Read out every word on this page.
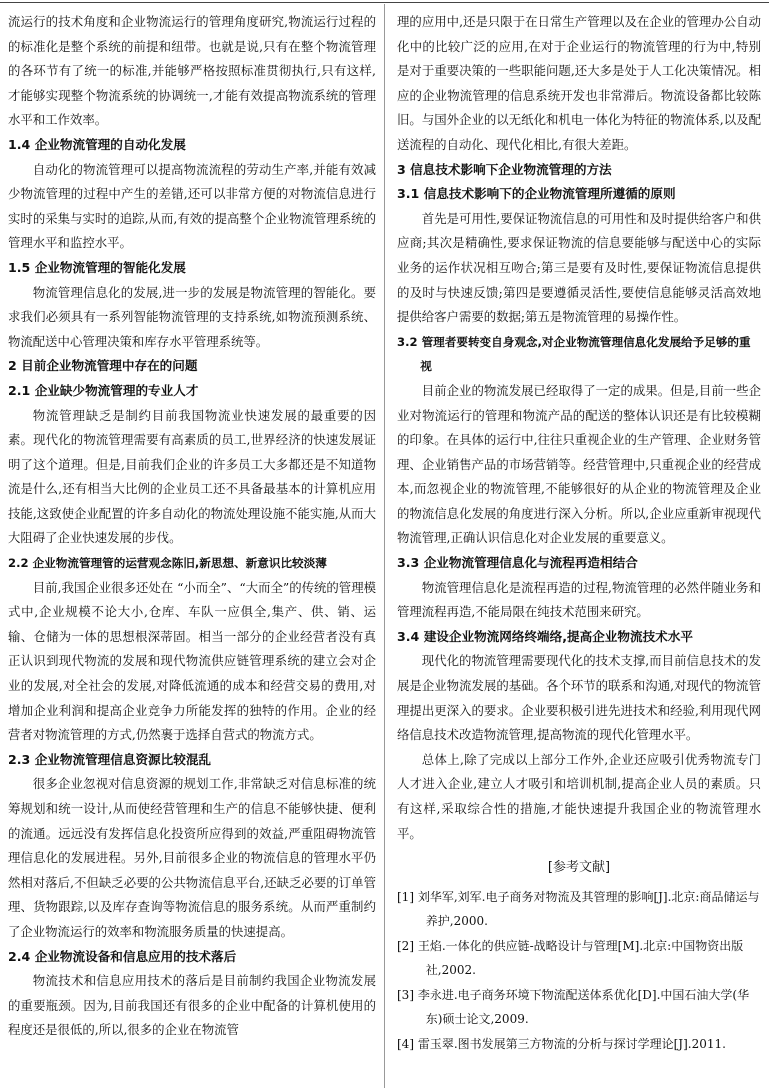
流运行的技术角度和企业物流运行的管理角度研究,物流运行过程的的标准化是整个系统的前提和纽带。也就是说,只有在整个物流管理的各环节有了统一的标准,并能够严格按照标准贯彻执行,只有这样,才能够实现整个物流系统的协调统一,才能有效提高物流系统的管理水平和工作效率。

1.4 企业物流管理的自动化发展

自动化的物流管理可以提高物流流程的劳动生产率,并能有效减少物流管理的过程中产生的差错,还可以非常方便的对物流信息进行实时的采集与实时的追踪,从而,有效的提高整个企业物流管理系统的管理水平和监控水平。

1.5 企业物流管理的智能化发展

物流管理信息化的发展,进一步的发展是物流管理的智能化。要求我们必须具有一系列智能物流管理的支持系统,如物流预测系统、物流配送中心管理决策和库存水平管理系统等。

2 目前企业物流管理中存在的问题
2.1 企业缺少物流管理的专业人才

物流管理缺乏是制约目前我国物流业快速发展的最重要的因素。现代化的物流管理需要有高素质的员工,世界经济的快速发展证明了这个道理。但是,目前我们企业的许多员工大多都还是不知道物流是什么,还有相当大比例的企业员工还不具备最基本的计算机应用技能,这致使企业配置的许多自动化的物流处理设施不能实施,从而大大阻碍了企业快速发展的步伐。

2.2 企业物流管理管的运营观念陈旧,新思想、新意识比较淡薄

目前,我国企业很多还处在 “小而全”、“大而全”的传统的管理模式中,企业规模不论大小,仓库、车队一应俱全,集产、供、销、运输、仓储为一体的思想根深蒂固。相当一部分的企业经营者没有真正认识到现代物流的发展和现代物流供应链管理系统的建立会对企业的发展,对全社会的发展,对降低流通的成本和经营交易的费用,对增加企业利润和提高企业竞争力所能发挥的独特的作用。企业的经营者对物流管理的方式,仍然裹于选择自营式的物流方式。

2.3 企业物流管理信息资源比较混乱

很多企业忽视对信息资源的规划工作,非常缺乏对信息标准的统筹规划和统一设计,从而使经营管理和生产的信息不能够快捷、便利的流通。远远没有发挥信息化投资所应得到的效益,严重阻碍物流管理信息化的发展进程。另外,目前很多企业的物流信息的管理水平仍然相对落后,不但缺乏必要的公共物流信息平台,还缺乏必要的订单管理、货物跟踪,以及库存查询等物流信息的服务系统。从而严重制约了企业物流运行的效率和物流服务质量的快速提高。

2.4 企业物流设备和信息应用的技术落后

物流技术和信息应用技术的落后是目前制约我国企业物流发展的重要瓶颈。因为,目前我国还有很多的企业中配备的计算机使用的程度还是很低的,所以,很多的企业在物流管

理的应用中,还是只限于在日常生产管理以及在企业的管理办公自动化中的比较广泛的应用,在对于企业运行的物流管理的行为中,特别是对于重要决策的一些职能问题,还大多是处于人工化决策情况。相应的企业物流管理的信息系统开发也非常滞后。物流设备都比较陈旧。与国外企业的以无纸化和机电一体化为特征的物流体系,以及配送流程的自动化、现代化相比,有很大差距。

3 信息技术影响下企业物流管理的方法
3.1 信息技术影响下的企业物流管理所遵循的原则

首先是可用性,要保证物流信息的可用性和及时提供给客户和供应商;其次是精确性,要求保证物流的信息要能够与配送中心的实际业务的运作状况相互吻合;第三是要有及时性,要保证物流信息提供的及时与快速反馈;第四是要遵循灵活性,要使信息能够灵活高效地提供给客户需要的数据;第五是物流管理的易操作性。

3.2 管理者要转变自身观念,对企业物流管理信息化发展给予足够的重视

目前企业的物流发展已经取得了一定的成果。但是,目前一些企业对物流运行的管理和物流产品的配送的整体认识还是有比较模糊的印象。在具体的运行中,往往只重视企业的生产管理、企业财务管理、企业销售产品的市场营销等。经营管理中,只重视企业的经营成本,而忽视企业的物流管理,不能够很好的从企业的物流管理及企业的物流信息化发展的角度进行深入分析。所以,企业应重新审视现代物流管理,正确认识信息化对企业发展的重要意义。

3.3 企业物流管理信息化与流程再造相结合

物流管理信息化是流程再造的过程,物流管理的必然伴随业务和管理流程再造,不能局限在纯技术范围来研究。

3.4 建设企业物流网络终端络,提高企业物流技术水平

现代化的物流管理需要现代化的技术支撑,而目前信息技术的发展是企业物流发展的基础。各个环节的联系和沟通,对现代的物流管理提出更深入的要求。企业要积极引进先进技术和经验,利用现代网络信息技术改造物流管理,提高物流的现代化管理水平。

总体上,除了完成以上部分工作外,企业还应吸引优秀物流专门人才进入企业,建立人才吸引和培训机制,提高企业人员的素质。只有这样,采取综合性的措施,才能快速提升我国企业的物流管理水平。

[参考文献]

[1] 刘华军,刘军.电子商务对物流及其管理的影响[J].北京:商品储运与养护,2000.

[2] 王焰.一体化的供应链-战略设计与管理[M].北京:中国物资出版社,2002.

[3] 李永进.电子商务环境下物流配送体系优化[D].中国石油大学(华东)硕士论文,2009.

[4] 雷玉翠.图书发展第三方物流的分析与探讨学理论[J].2011.
